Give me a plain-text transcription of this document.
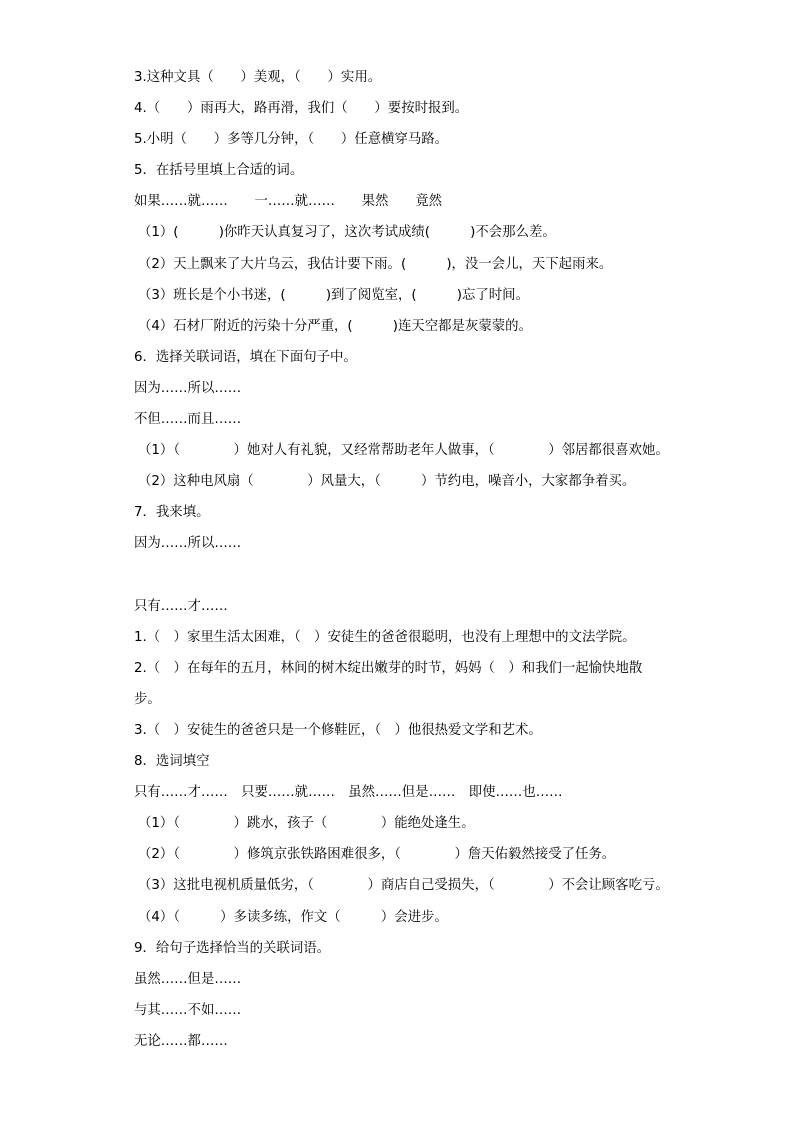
3.这种文具（　　）美观，（　　）实用。
4.（　　）雨再大，路再滑，我们（　　）要按时报到。
5.小明（　　）多等几分钟，（　　）任意横穿马路。
5．在括号里填上合适的词。
如果……就……　　一……就……　　果然　　竟然
（1）(　　　)你昨天认真复习了，这次考试成绩(　　　)不会那么差。
（2）天上飘来了大片乌云，我估计要下雨。(　　　)，没一会儿，天下起雨来。
（3）班长是个小书迷，(　　　)到了阅览室，(　　　)忘了时间。
（4）石材厂附近的污染十分严重，(　　　)连天空都是灰蒙蒙的。
6．选择关联词语，填在下面句子中。
因为……所以……
不但……而且……
（1）（　　　　）她对人有礼貌，又经常帮助老年人做事，（　　　　）邻居都很喜欢她。
（2）这种电风扇（　　　　）风量大，（　　　）节约电，噪音小，大家都争着买。
7．我来填。
因为……所以……
只有……才……
1.（　）家里生活太困难，（　）安徒生的爸爸很聪明，也没有上理想中的文法学院。
2.（　）在每年的五月，林间的树木绽出嫩芽的时节，妈妈（　）和我们一起愉快地散
步。
3.（　）安徒生的爸爸只是一个修鞋匠，（　）他很热爱文学和艺术。
8．选词填空
只有……才……　只要……就……　虽然……但是……　即使……也……
（1）（　　　　）跳水，孩子（　　　　）能绝处逢生。
（2）（　　　　）修筑京张铁路困难很多，（　　　　）詹天佑毅然接受了任务。
（3）这批电视机质量低劣，（　　　　）商店自己受损失，（　　　　）不会让顾客吃亏。
（4）（　　　）多读多练，作文（　　　）会进步。
9．给句子选择恰当的关联词语。
虽然……但是……
与其……不如……
无论……都……
